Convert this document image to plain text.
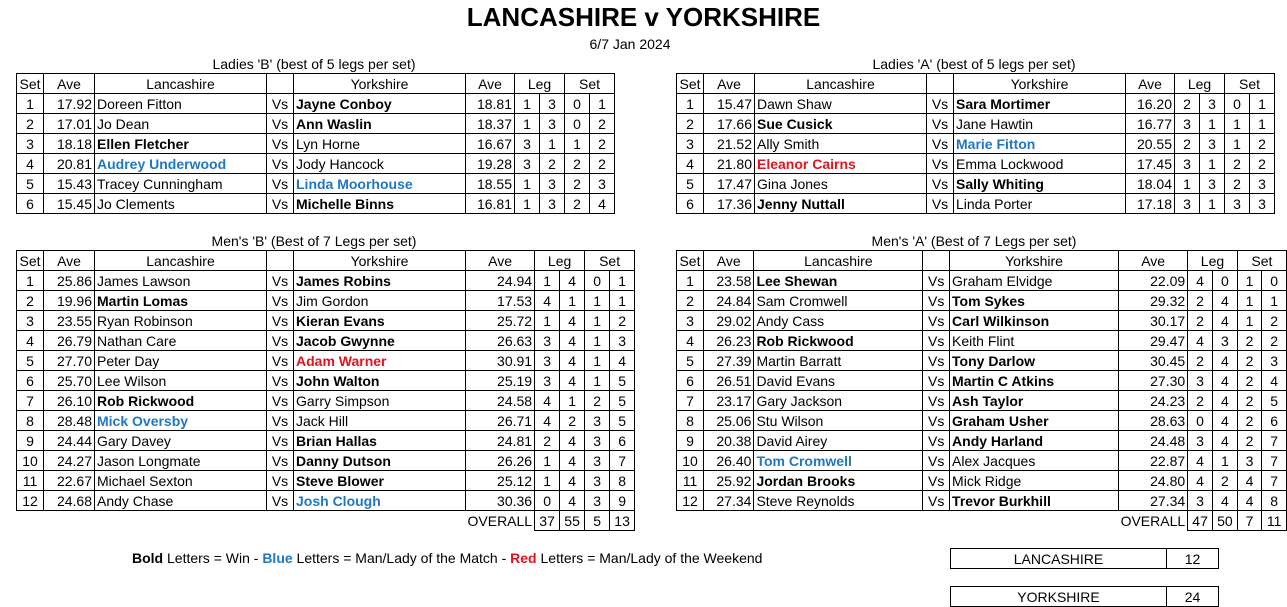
LANCASHIRE v YORKSHIRE
6/7 Jan 2024
Ladies 'B' (best of 5 legs per set)	Ladies 'A' (best of 5 legs per set)
Men's 'B' (Best of 7 Legs per set)	Men's 'A' (Best of 7 Legs per set)
Set	Ave	Lancashire		Yorkshire	Ave	Leg		Set	
1	17.92	Doreen Fitton	Vs	Jayne Conboy	18.81	1	3	0	1
2	17.01	Jo Dean	Vs	Ann Waslin	18.37	1	3	0	2
3	18.18	Ellen Fletcher	Vs	Lyn Horne	16.67	3	1	1	2
4	20.81	Audrey Underwood	Vs	Jody Hancock	19.28	3	2	2	2
5	15.43	Tracey Cunningham	Vs	Linda Moorhouse	18.55	1	3	2	3
6	15.45	Jo Clements	Vs	Michelle Binns	16.81	1	3	2	4
Set	Ave	Lancashire		Yorkshire	Ave	Leg		Set	
1	15.47	Dawn Shaw	Vs	Sara Mortimer	16.20	2	3	0	1
2	17.66	Sue Cusick	Vs	Jane Hawtin	16.77	3	1	1	1
3	21.52	Ally Smith	Vs	Marie Fitton	20.55	2	3	1	2
4	21.80	Eleanor Cairns	Vs	Emma Lockwood	17.45	3	1	2	2
5	17.47	Gina Jones	Vs	Sally Whiting	18.04	1	3	2	3
6	17.36	Jenny Nuttall	Vs	Linda Porter	17.18	3	1	3	3
Set	Ave	Lancashire		Yorkshire	Ave	Leg		Set	
1	25.86	James Lawson	Vs	James Robins	24.94	1	4	0	1
2	19.96	Martin Lomas	Vs	Jim Gordon	17.53	4	1	1	1
3	23.55	Ryan Robinson	Vs	Kieran Evans	25.72	1	4	1	2
4	26.79	Nathan Care	Vs	Jacob Gwynne	26.63	3	4	1	3
5	27.70	Peter Day	Vs	Adam Warner	30.91	3	4	1	4
6	25.70	Lee Wilson	Vs	John Walton	25.19	3	4	1	5
7	26.10	Rob Rickwood	Vs	Garry Simpson	24.58	4	1	2	5
8	28.48	Mick Oversby	Vs	Jack Hill	26.71	4	2	3	5
9	24.44	Gary Davey	Vs	Brian Hallas	24.81	2	4	3	6
10	24.27	Jason Longmate	Vs	Danny Dutson	26.26	1	4	3	7
11	22.67	Michael Sexton	Vs	Steve Blower	25.12	1	4	3	8
12	24.68	Andy Chase	Vs	Josh Clough	30.36	0	4	3	9
					OVERALL	37	55	5	13
Set	Ave	Lancashire		Yorkshire	Ave	Leg		Set	
1	23.58	Lee Shewan	Vs	Graham Elvidge	22.09	4	0	1	0
2	24.84	Sam Cromwell	Vs	Tom Sykes	29.32	2	4	1	1
3	29.02	Andy Cass	Vs	Carl Wilkinson	30.17	2	4	1	2
4	26.23	Rob Rickwood	Vs	Keith Flint	29.47	4	3	2	2
5	27.39	Martin Barratt	Vs	Tony Darlow	30.45	2	4	2	3
6	26.51	David Evans	Vs	Martin C Atkins	27.30	3	4	2	4
7	23.17	Gary Jackson	Vs	Ash Taylor	24.23	2	4	2	5
8	25.06	Stu Wilson	Vs	Graham Usher	28.63	0	4	2	6
9	20.38	David Airey	Vs	Andy Harland	24.48	3	4	2	7
10	26.40	Tom Cromwell	Vs	Alex Jacques	22.87	4	1	3	7
11	25.92	Jordan Brooks	Vs	Mick Ridge	24.80	4	2	4	7
12	27.34	Steve Reynolds	Vs	Trevor Burkhill	27.34	3	4	4	8
					OVERALL	47	50	7	11
Bold Letters = Win - Blue Letters = Man/Lady of the Match - Red Letters = Man/Lady of the Weekend	LANCASHIRE	12
YORKSHIRE	24
